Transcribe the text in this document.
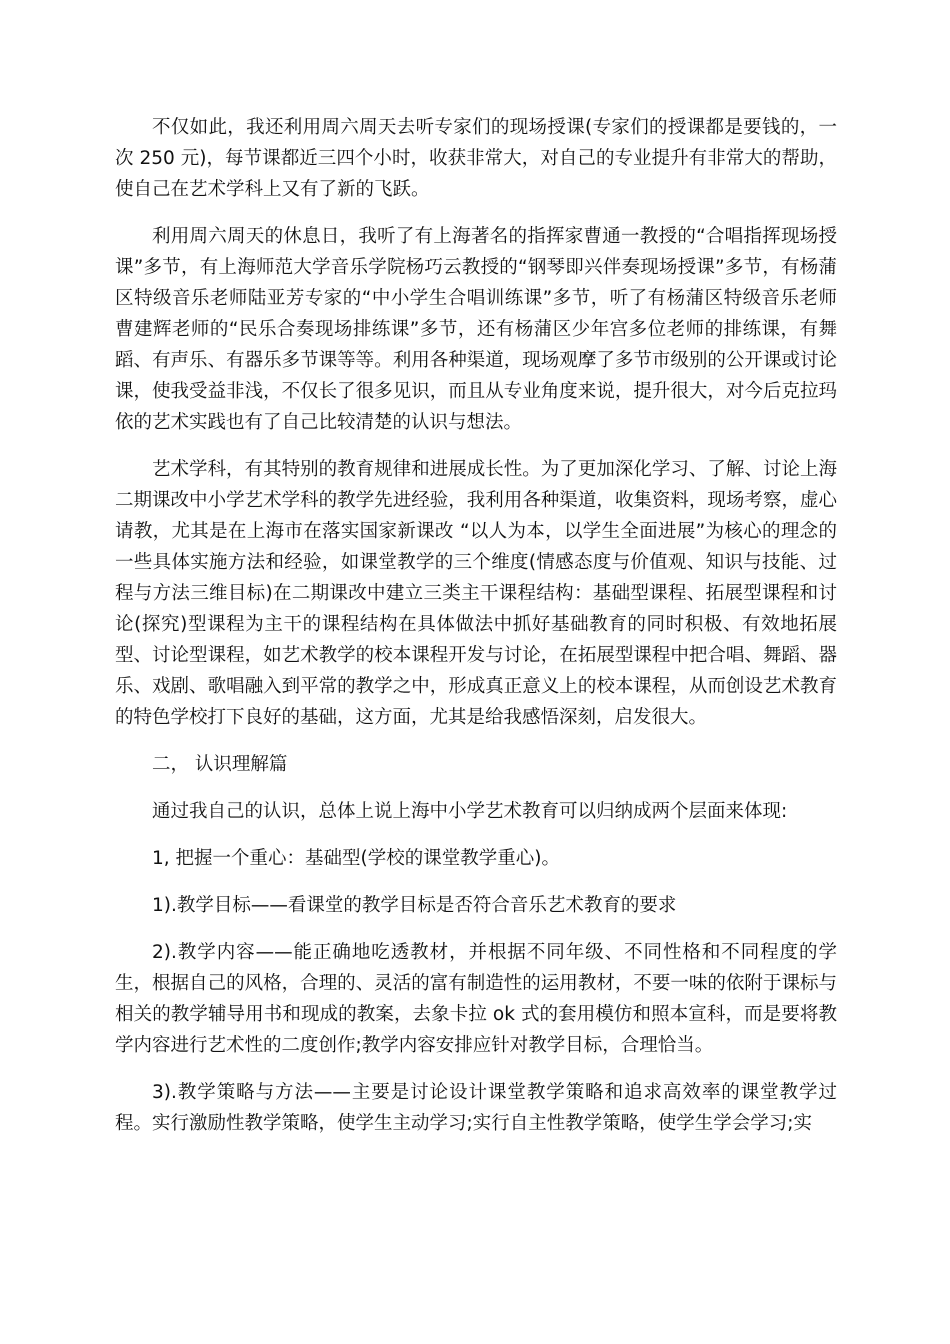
不仅如此，我还利用周六周天去听专家们的现场授课(专家们的授课都是要钱的，一次 250 元)，每节课都近三四个小时，收获非常大，对自己的专业提升有非常大的帮助，使自己在艺术学科上又有了新的飞跃。

利用周六周天的休息日，我听了有上海著名的指挥家曹通一教授的“合唱指挥现场授课”多节，有上海师范大学音乐学院杨巧云教授的“钢琴即兴伴奏现场授课”多节，有杨蒲区特级音乐老师陆亚芳专家的“中小学生合唱训练课”多节，听了有杨蒲区特级音乐老师曹建辉老师的“民乐合奏现场排练课”多节，还有杨蒲区少年宫多位老师的排练课，有舞蹈、有声乐、有器乐多节课等等。利用各种渠道，现场观摩了多节市级别的公开课或讨论课，使我受益非浅，不仅长了很多见识，而且从专业角度来说，提升很大，对今后克拉玛依的艺术实践也有了自己比较清楚的认识与想法。

艺术学科，有其特别的教育规律和进展成长性。为了更加深化学习、了解、讨论上海二期课改中小学艺术学科的教学先进经验，我利用各种渠道，收集资料，现场考察，虚心请教，尤其是在上海市在落实国家新课改 “以人为本，以学生全面进展”为核心的理念的一些具体实施方法和经验，如课堂教学的三个维度(情感态度与价值观、知识与技能、过程与方法三维目标)在二期课改中建立三类主干课程结构：基础型课程、拓展型课程和讨论(探究)型课程为主干的课程结构在具体做法中抓好基础教育的同时积极、有效地拓展型、讨论型课程，如艺术教学的校本课程开发与讨论，在拓展型课程中把合唱、舞蹈、器乐、戏剧、歌唱融入到平常的教学之中，形成真正意义上的校本课程，从而创设艺术教育的特色学校打下良好的基础，这方面，尤其是给我感悟深刻，启发很大。

二， 认识理解篇

通过我自己的认识，总体上说上海中小学艺术教育可以归纳成两个层面来体现:

1, 把握一个重心：基础型(学校的课堂教学重心)。

1).教学目标——看课堂的教学目标是否符合音乐艺术教育的要求

2).教学内容——能正确地吃透教材，并根据不同年级、不同性格和不同程度的学生，根据自己的风格，合理的、灵活的富有制造性的运用教材，不要一味的依附于课标与相关的教学辅导用书和现成的教案，去象卡拉 ok 式的套用模仿和照本宣科，而是要将教学内容进行艺术性的二度创作;教学内容安排应针对教学目标，合理恰当。

3).教学策略与方法——主要是讨论设计课堂教学策略和追求高效率的课堂教学过程。实行激励性教学策略，使学生主动学习;实行自主性教学策略，使学生学会学习;实
